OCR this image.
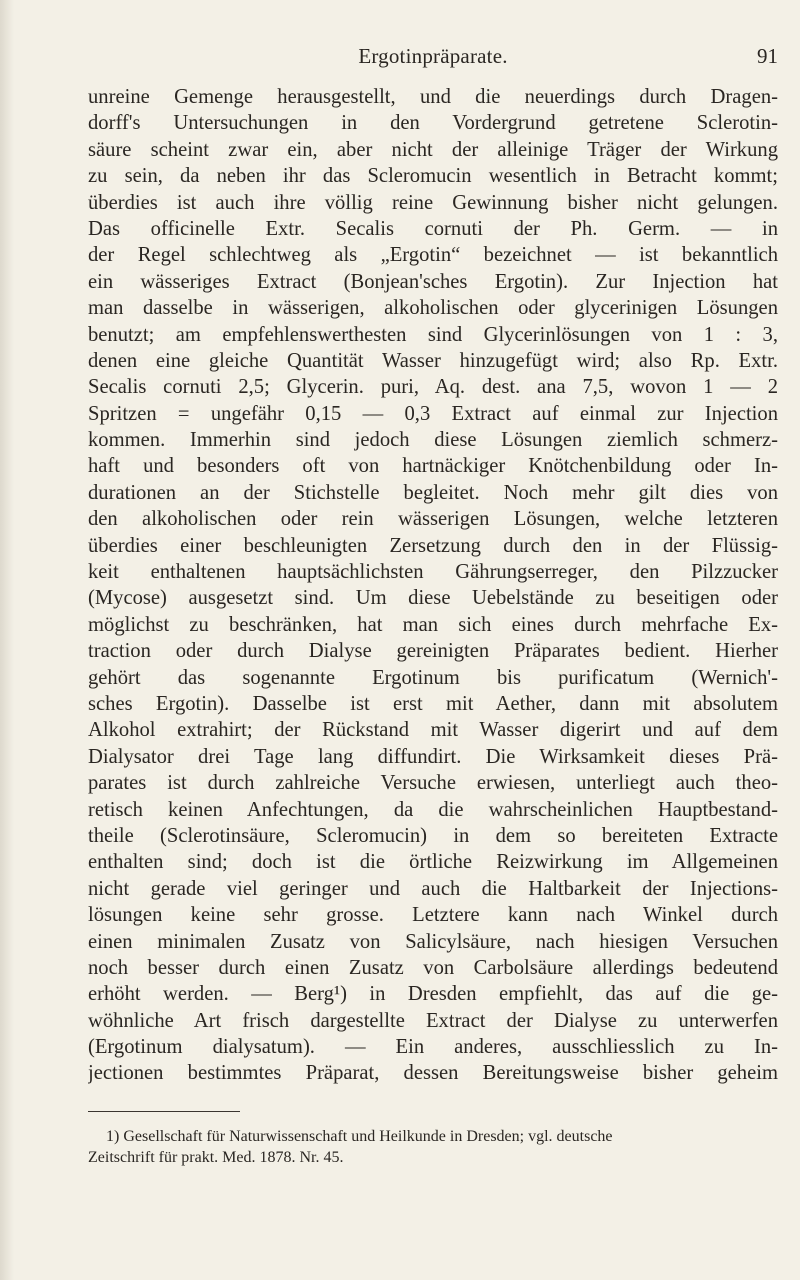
Ergotinpräparate.	91
unreine Gemenge herausgestellt, und die neuerdings durch Dragen-
dorff's Untersuchungen in den Vordergrund getretene Sclerotin-
säure scheint zwar ein, aber nicht der alleinige Träger der Wirkung
zu sein, da neben ihr das Scleromucin wesentlich in Betracht kommt;
überdies ist auch ihre völlig reine Gewinnung bisher nicht gelungen.
Das officinelle Extr. Secalis cornuti der Ph. Germ. — in
der Regel schlechtweg als „Ergotin“ bezeichnet — ist bekanntlich
ein wässeriges Extract (Bonjean'sches Ergotin). Zur Injection hat
man dasselbe in wässerigen, alkoholischen oder glycerinigen Lösungen
benutzt; am empfehlenswerthesten sind Glycerinlösungen von 1 : 3,
denen eine gleiche Quantität Wasser hinzugefügt wird; also Rp. Extr.
Secalis cornuti 2,5; Glycerin. puri, Aq. dest. ana 7,5, wovon 1 — 2
Spritzen = ungefähr 0,15 — 0,3 Extract auf einmal zur Injection
kommen. Immerhin sind jedoch diese Lösungen ziemlich schmerz-
haft und besonders oft von hartnäckiger Knötchenbildung oder In-
durationen an der Stichstelle begleitet. Noch mehr gilt dies von
den alkoholischen oder rein wässerigen Lösungen, welche letzteren
überdies einer beschleunigten Zersetzung durch den in der Flüssig-
keit enthaltenen hauptsächlichsten Gährungserreger, den Pilzzucker
(Mycose) ausgesetzt sind. Um diese Uebelstände zu beseitigen oder
möglichst zu beschränken, hat man sich eines durch mehrfache Ex-
traction oder durch Dialyse gereinigten Präparates bedient. Hierher
gehört das sogenannte Ergotinum bis purificatum (Wernich'-
sches Ergotin). Dasselbe ist erst mit Aether, dann mit absolutem
Alkohol extrahirt; der Rückstand mit Wasser digerirt und auf dem
Dialysator drei Tage lang diffundirt. Die Wirksamkeit dieses Prä-
parates ist durch zahlreiche Versuche erwiesen, unterliegt auch theo-
retisch keinen Anfechtungen, da die wahrscheinlichen Hauptbestand-
theile (Sclerotinsäure, Scleromucin) in dem so bereiteten Extracte
enthalten sind; doch ist die örtliche Reizwirkung im Allgemeinen
nicht gerade viel geringer und auch die Haltbarkeit der Injections-
lösungen keine sehr grosse. Letztere kann nach Winkel durch
einen minimalen Zusatz von Salicylsäure, nach hiesigen Versuchen
noch besser durch einen Zusatz von Carbolsäure allerdings bedeutend
erhöht werden. — Berg¹) in Dresden empfiehlt, das auf die ge-
wöhnliche Art frisch dargestellte Extract der Dialyse zu unterwerfen
(Ergotinum dialysatum). — Ein anderes, ausschliesslich zu In-
jectionen bestimmtes Präparat, dessen Bereitungsweise bisher geheim
1) Gesellschaft für Naturwissenschaft und Heilkunde in Dresden; vgl. deutsche
Zeitschrift für prakt. Med. 1878. Nr. 45.
